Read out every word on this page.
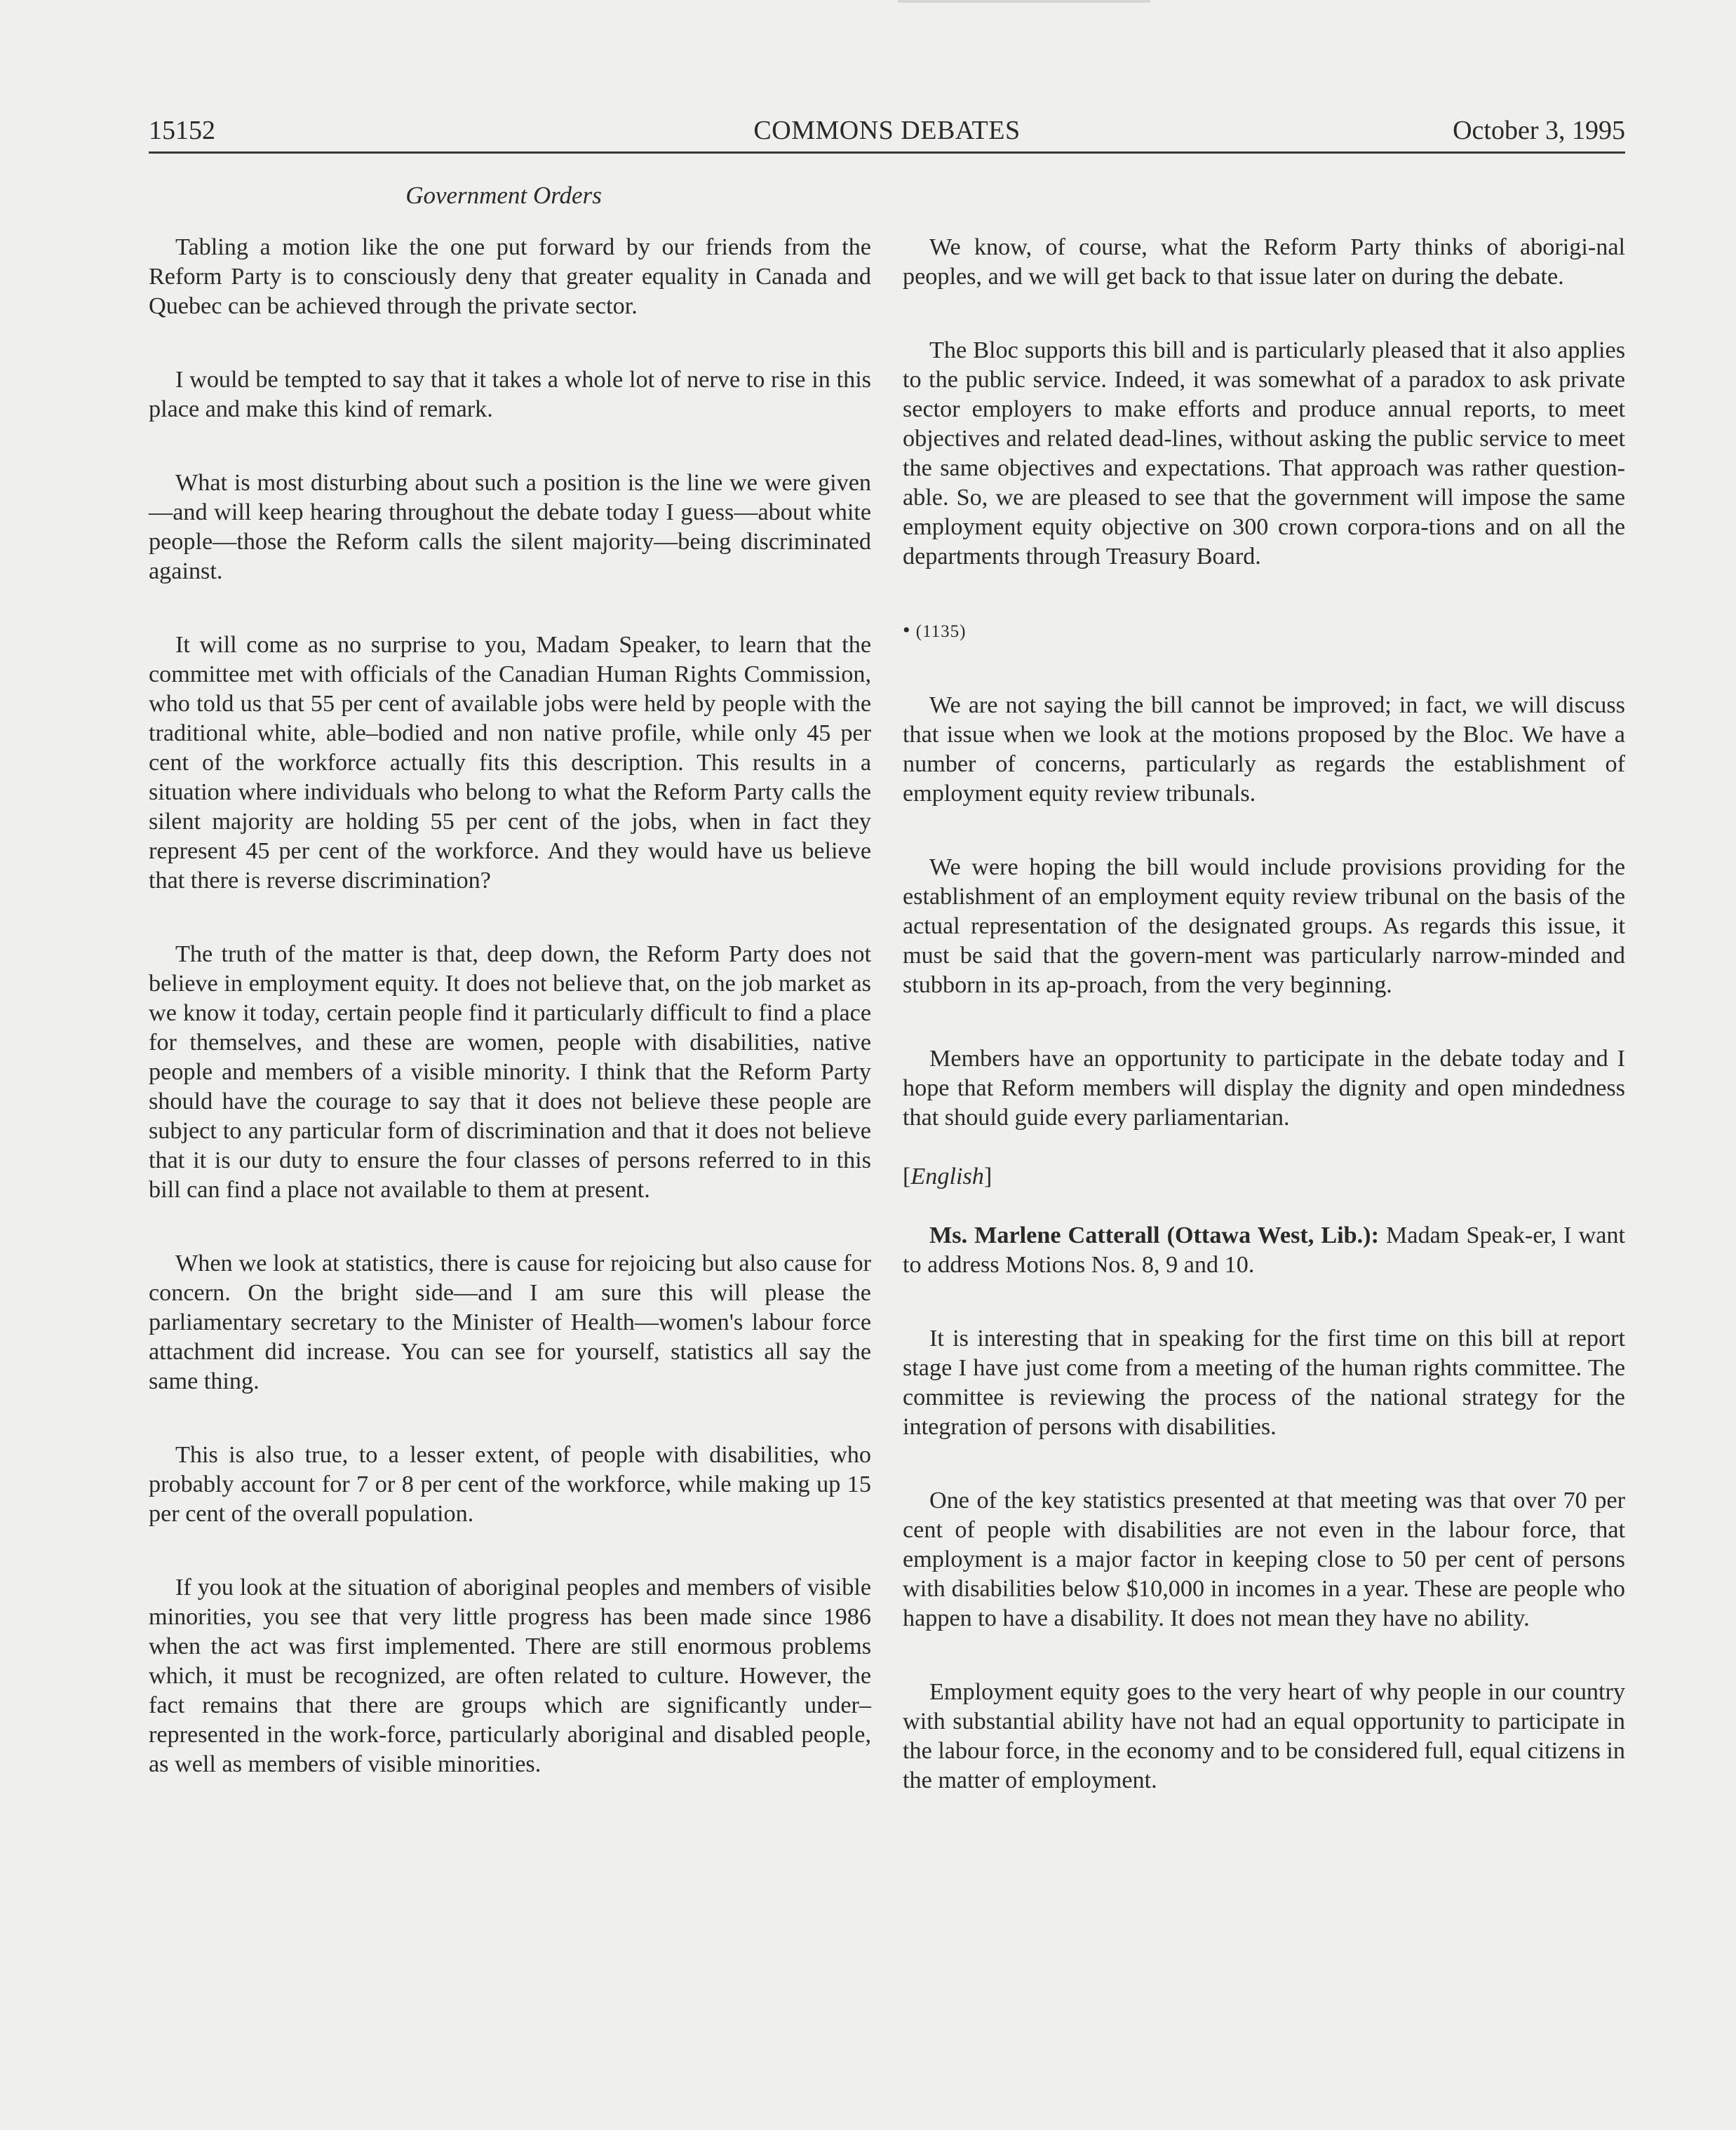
15152	COMMONS DEBATES	October 3, 1995
Government Orders

Tabling a motion like the one put forward by our friends from the Reform Party is to consciously deny that greater equality in Canada and Quebec can be achieved through the private sector.

I would be tempted to say that it takes a whole lot of nerve to rise in this place and make this kind of remark.

What is most disturbing about such a position is the line we were given—and will keep hearing throughout the debate today I guess—about white people—those the Reform calls the silent majority—being discriminated against.

It will come as no surprise to you, Madam Speaker, to learn that the committee met with officials of the Canadian Human Rights Commission, who told us that 55 per cent of available jobs were held by people with the traditional white, able–bodied and non native profile, while only 45 per cent of the workforce actually fits this description. This results in a situation where individuals who belong to what the Reform Party calls the silent majority are holding 55 per cent of the jobs, when in fact they represent 45 per cent of the workforce. And they would have us believe that there is reverse discrimination?

The truth of the matter is that, deep down, the Reform Party does not believe in employment equity. It does not believe that, on the job market as we know it today, certain people find it particularly difficult to find a place for themselves, and these are women, people with disabilities, native people and members of a visible minority. I think that the Reform Party should have the courage to say that it does not believe these people are subject to any particular form of discrimination and that it does not believe that it is our duty to ensure the four classes of persons referred to in this bill can find a place not available to them at present.

When we look at statistics, there is cause for rejoicing but also cause for concern. On the bright side—and I am sure this will please the parliamentary secretary to the Minister of Health—women's labour force attachment did increase. You can see for yourself, statistics all say the same thing.

This is also true, to a lesser extent, of people with disabilities, who probably account for 7 or 8 per cent of the workforce, while making up 15 per cent of the overall population.

If you look at the situation of aboriginal peoples and members of visible minorities, you see that very little progress has been made since 1986 when the act was first implemented. There are still enormous problems which, it must be recognized, are often related to culture. However, the fact remains that there are groups which are significantly under–represented in the work-force, particularly aboriginal and disabled people, as well as members of visible minorities.

We know, of course, what the Reform Party thinks of aborigi-nal peoples, and we will get back to that issue later on during the debate.

The Bloc supports this bill and is particularly pleased that it also applies to the public service. Indeed, it was somewhat of a paradox to ask private sector employers to make efforts and produce annual reports, to meet objectives and related dead-lines, without asking the public service to meet the same objectives and expectations. That approach was rather question-able. So, we are pleased to see that the government will impose the same employment equity objective on 300 crown corpora-tions and on all the departments through Treasury Board.

• (1135)

We are not saying the bill cannot be improved; in fact, we will discuss that issue when we look at the motions proposed by the Bloc. We have a number of concerns, particularly as regards the establishment of employment equity review tribunals.

We were hoping the bill would include provisions providing for the establishment of an employment equity review tribunal on the basis of the actual representation of the designated groups. As regards this issue, it must be said that the govern-ment was particularly narrow-minded and stubborn in its ap-proach, from the very beginning.

Members have an opportunity to participate in the debate today and I hope that Reform members will display the dignity and open mindedness that should guide every parliamentarian.

[English]

Ms. Marlene Catterall (Ottawa West, Lib.): Madam Speak-er, I want to address Motions Nos. 8, 9 and 10.

It is interesting that in speaking for the first time on this bill at report stage I have just come from a meeting of the human rights committee. The committee is reviewing the process of the national strategy for the integration of persons with disabilities.

One of the key statistics presented at that meeting was that over 70 per cent of people with disabilities are not even in the labour force, that employment is a major factor in keeping close to 50 per cent of persons with disabilities below $10,000 in incomes in a year. These are people who happen to have a disability. It does not mean they have no ability.

Employment equity goes to the very heart of why people in our country with substantial ability have not had an equal opportunity to participate in the labour force, in the economy and to be considered full, equal citizens in the matter of employment.
